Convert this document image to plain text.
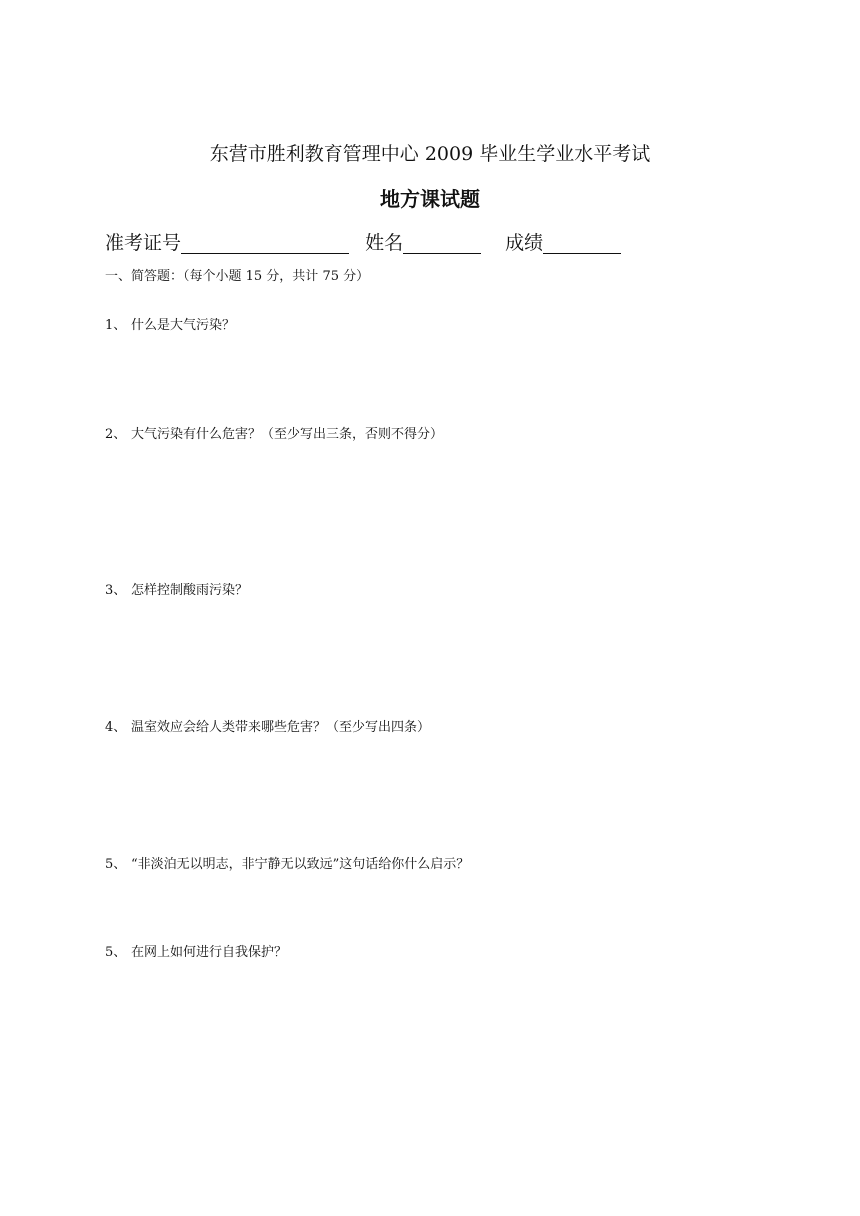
东营市胜利教育管理中心 2009 毕业生学业水平考试
地方课试题
准考证号	姓名	成绩
一、简答题：（每个小题 15 分，共计 75 分）
1、 什么是大气污染？
2、 大气污染有什么危害？（至少写出三条，否则不得分）
3、 怎样控制酸雨污染？
4、 温室效应会给人类带来哪些危害？（至少写出四条）
5、 “非淡泊无以明志，非宁静无以致远”这句话给你什么启示？
5、 在网上如何进行自我保护？
